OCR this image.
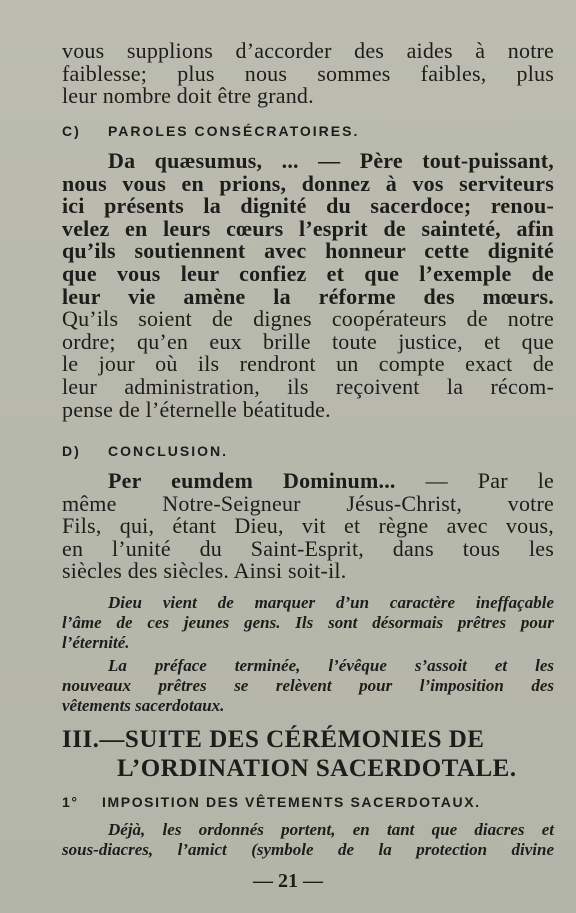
vous supplions d’accorder des aides à notre
faiblesse; plus nous sommes faibles, plus
leur nombre doit être grand.

C) PAROLES CONSÉCRATOIRES.

Da quæsumus, ... — Père tout-puissant,
nous vous en prions, donnez à vos serviteurs
ici présents la dignité du sacerdoce; renou-
velez en leurs cœurs l’esprit de sainteté, afin
qu’ils soutiennent avec honneur cette dignité
que vous leur confiez et que l’exemple de
leur vie amène la réforme des mœurs.
Qu’ils soient de dignes coopérateurs de notre
ordre; qu’en eux brille toute justice, et que
le jour où ils rendront un compte exact de
leur administration, ils reçoivent la récom-
pense de l’éternelle béatitude.

D) CONCLUSION.

Per eumdem Dominum... — Par le
même Notre-Seigneur Jésus-Christ, votre
Fils, qui, étant Dieu, vit et règne avec vous,
en l’unité du Saint-Esprit, dans tous les
siècles des siècles. Ainsi soit-il.

Dieu vient de marquer d’un caractère ineffaçable
l’âme de ces jeunes gens. Ils sont désormais prêtres pour
l’éternité.

La préface terminée, l’évêque s’assoit et les
nouveaux prêtres se relèvent pour l’imposition des
vêtements sacerdotaux.

III.—SUITE DES CÉRÉMONIES DE
L’ORDINATION SACERDOTALE.

1° IMPOSITION DES VÊTEMENTS SACERDOTAUX.

Déjà, les ordonnés portent, en tant que diacres et
sous-diacres, l’amict (symbole de la protection divine

— 21 —
